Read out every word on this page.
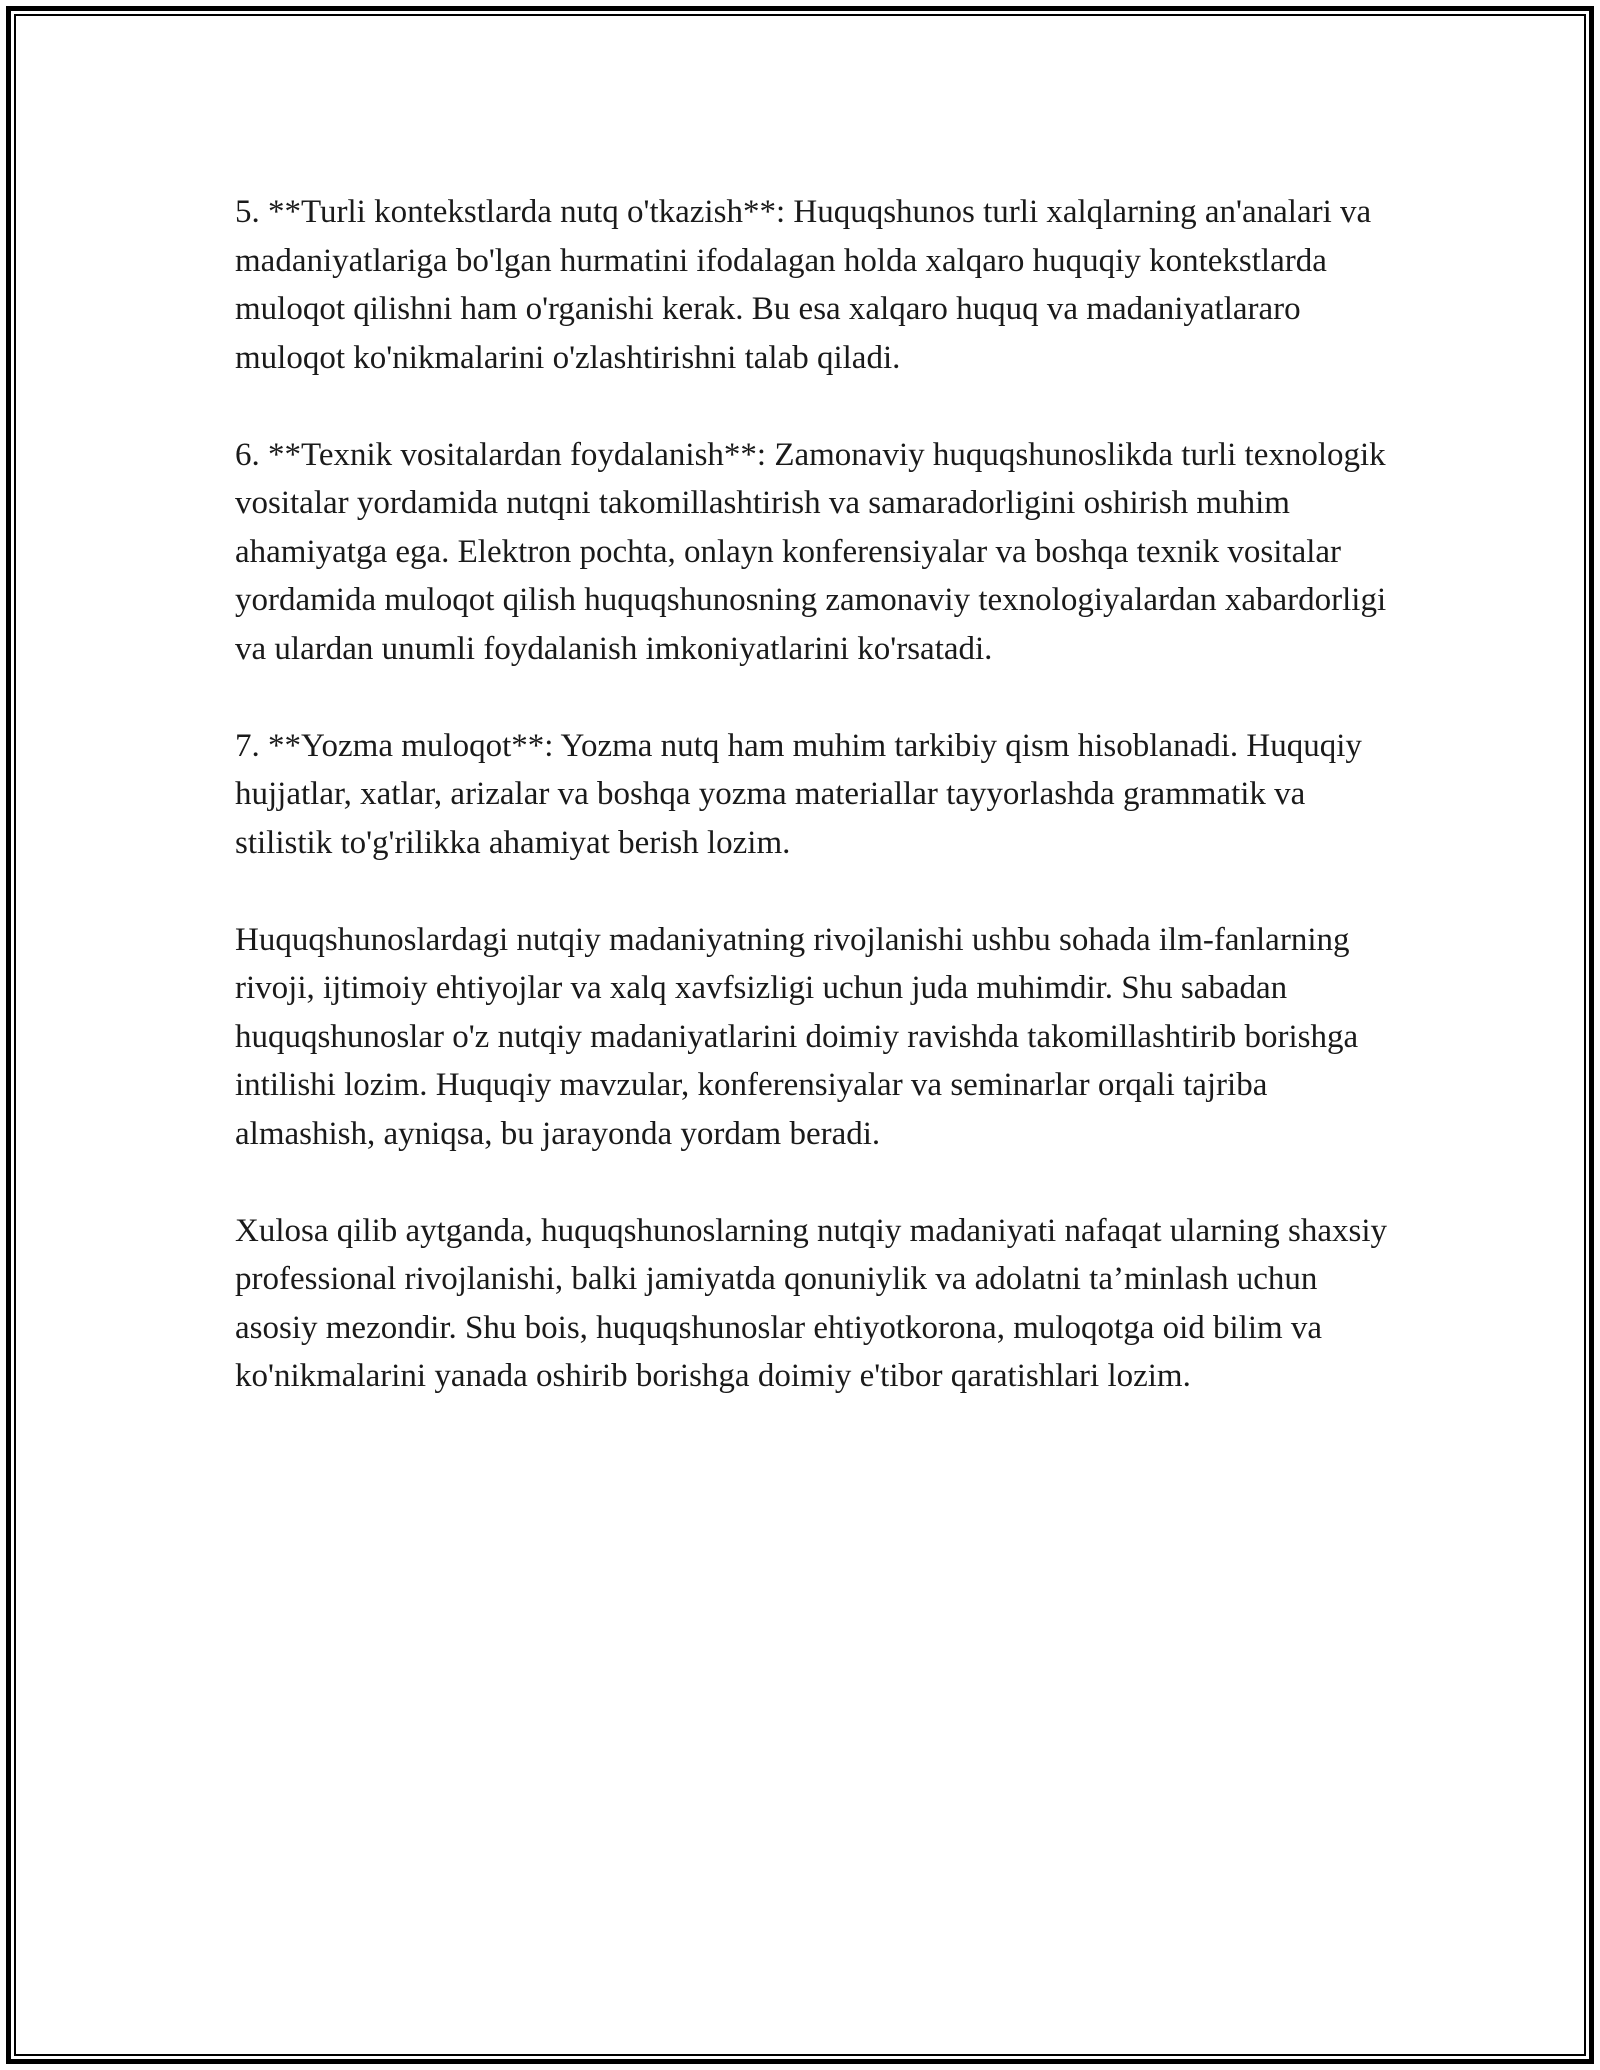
5. **Turli kontekstlarda nutq o'tkazish**: Huquqshunos turli xalqlarning an'analari va madaniyatlariga bo'lgan hurmatini ifodalagan holda xalqaro huquqiy kontekstlarda muloqot qilishni ham o'rganishi kerak. Bu esa xalqaro huquq va madaniyatlararo muloqot ko'nikmalarini o'zlashtirishni talab qiladi.

6. **Texnik vositalardan foydalanish**: Zamonaviy huquqshunoslikda turli texnologik vositalar yordamida nutqni takomillashtirish va samaradorligini oshirish muhim ahamiyatga ega. Elektron pochta, onlayn konferensiyalar va boshqa texnik vositalar yordamida muloqot qilish huquqshunosning zamonaviy texnologiyalardan xabardorligi va ulardan unumli foydalanish imkoniyatlarini ko'rsatadi.

7. **Yozma muloqot**: Yozma nutq ham muhim tarkibiy qism hisoblanadi. Huquqiy hujjatlar, xatlar, arizalar va boshqa yozma materiallar tayyorlashda grammatik va stilistik to'g'rilikka ahamiyat berish lozim.

Huquqshunoslardagi nutqiy madaniyatning rivojlanishi ushbu sohada ilm-fanlarning rivoji, ijtimoiy ehtiyojlar va xalq xavfsizligi uchun juda muhimdir. Shu sabadan huquqshunoslar o'z nutqiy madaniyatlarini doimiy ravishda takomillashtirib borishga intilishi lozim. Huquqiy mavzular, konferensiyalar va seminarlar orqali tajriba almashish, ayniqsa, bu jarayonda yordam beradi.

Xulosa qilib aytganda, huquqshunoslarning nutqiy madaniyati nafaqat ularning shaxsiy professional rivojlanishi, balki jamiyatda qonuniylik va adolatni ta’minlash uchun asosiy mezondir. Shu bois, huquqshunoslar ehtiyotkorona, muloqotga oid bilim va ko'nikmalarini yanada oshirib borishga doimiy e'tibor qaratishlari lozim.
